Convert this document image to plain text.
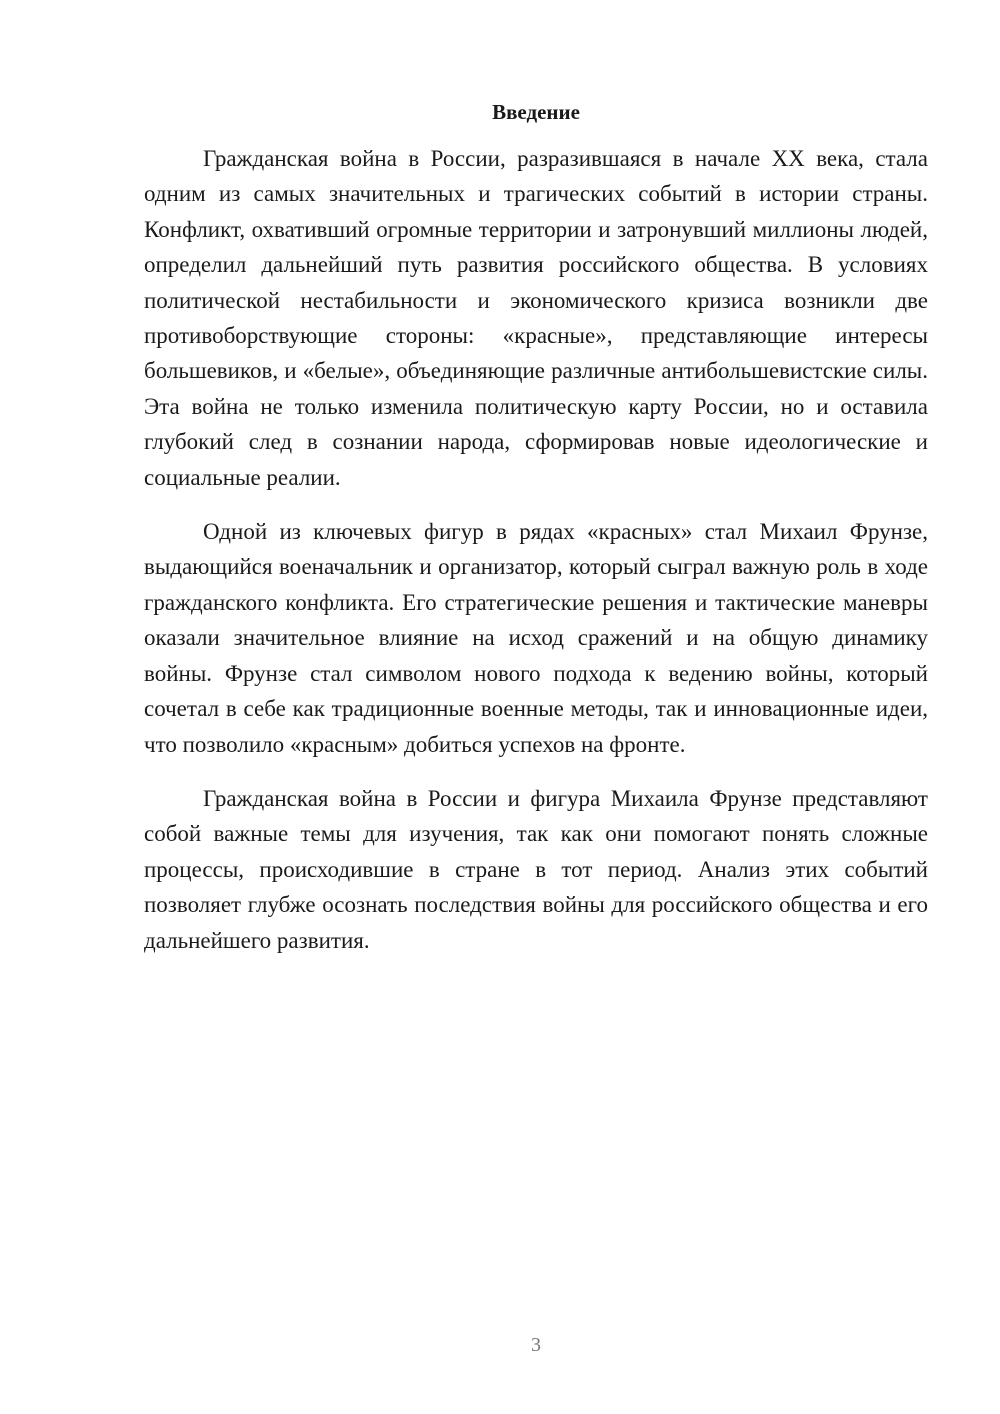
Введение

Гражданская война в России, разразившаяся в начале XX века, стала одним из самых значительных и трагических событий в истории страны. Конфликт, охвативший огромные территории и затронувший миллионы людей, определил дальнейший путь развития российского общества. В условиях политической нестабильности и экономического кризиса возникли две противоборствующие стороны: «красные», представляющие интересы большевиков, и «белые», объединяющие различные антибольшевистские силы. Эта война не только изменила политическую карту России, но и оставила глубокий след в сознании народа, сформировав новые идеологические и социальные реалии.

Одной из ключевых фигур в рядах «красных» стал Михаил Фрунзе, выдающийся военачальник и организатор, который сыграл важную роль в ходе гражданского конфликта. Его стратегические решения и тактические маневры оказали значительное влияние на исход сражений и на общую динамику войны. Фрунзе стал символом нового подхода к ведению войны, который сочетал в себе как традиционные военные методы, так и инновационные идеи, что позволило «красным» добиться успехов на фронте.

Гражданская война в России и фигура Михаила Фрунзе представляют собой важные темы для изучения, так как они помогают понять сложные процессы, происходившие в стране в тот период. Анализ этих событий позволяет глубже осознать последствия войны для российского общества и его дальнейшего развития.

3
